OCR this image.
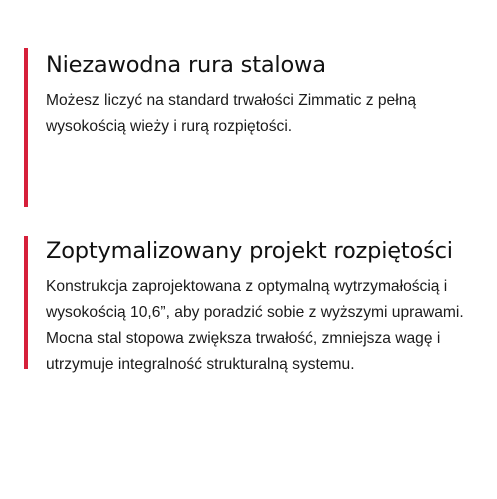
Niezawodna rura stalowa

Możesz liczyć na standard trwałości Zimmatic z pełną wysokością wieży i rurą rozpiętości.

Zoptymalizowany projekt rozpiętości

Konstrukcja zaprojektowana z optymalną wytrzymałością i wysokością 10,6”, aby poradzić sobie z wyższymi uprawami. Mocna stal stopowa zwiększa trwałość, zmniejsza wagę i utrzymuje integralność strukturalną systemu.
